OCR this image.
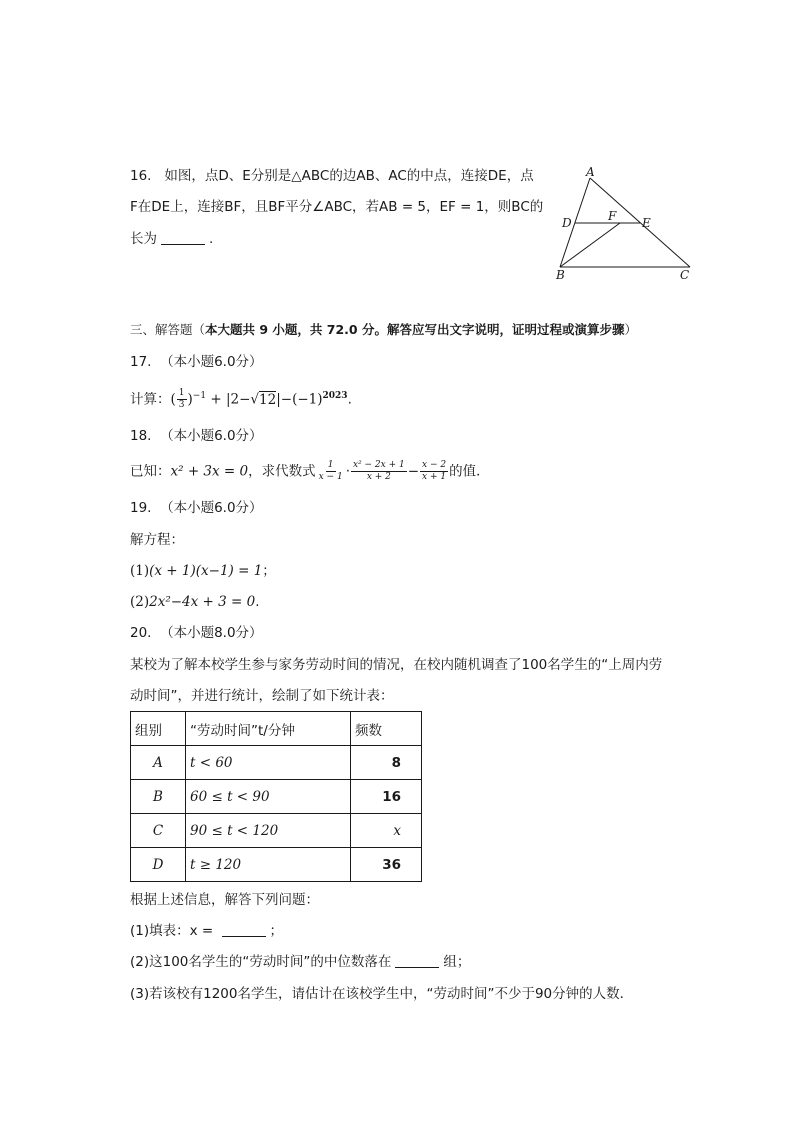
16. 如图，点D、E分别是△ABC的边AB、AC的中点，连接DE，点
F在DE上，连接BF，且BF平分∠ABC，若AB = 5，EF = 1，则BC的
长为	.
A
D	F E
B	C
三、解答题（本大题共 9 小题，共 72.0 分。解答应写出文字说明，证明过程或演算步骤）
17. （本小题6.0分）
计算：( $\frac{1}{3} )^{-1} + |2-√12|-(-1)^{2023}$.
18. （本小题6.0分）
已知：x² + 3x = 0，求代数式 $\frac{1}{x - 1} \cdot \frac{\text{x² − 2x + 1}}{x + 2} - \frac{x - 2}{x + 1}$ 的值．
19. （本小题6.0分）
解方程：
(1)(x + 1)(x−1) = 1；
(2)2x²−4x + 3 = 0.
20. （本小题8.0分）
某校为了解本校学生参与家务劳动时间的情况，在校内随机调查了100名学生的“上周内劳
动时间”，并进行统计，绘制了如下统计表：
组别	“劳动时间”t/分钟	频数
A	t < 60	8
B	60 ≤ t < 90	16
C	90 ≤ t < 120	x
D	t ≥ 120	36
根据上述信息，解答下列问题：
(1)填表：x =	；
(2)这100名学生的“劳动时间”的中位数落在	组；
(3)若该校有1200名学生，请估计在该校学生中，“劳动时间”不少于90分钟的人数．
